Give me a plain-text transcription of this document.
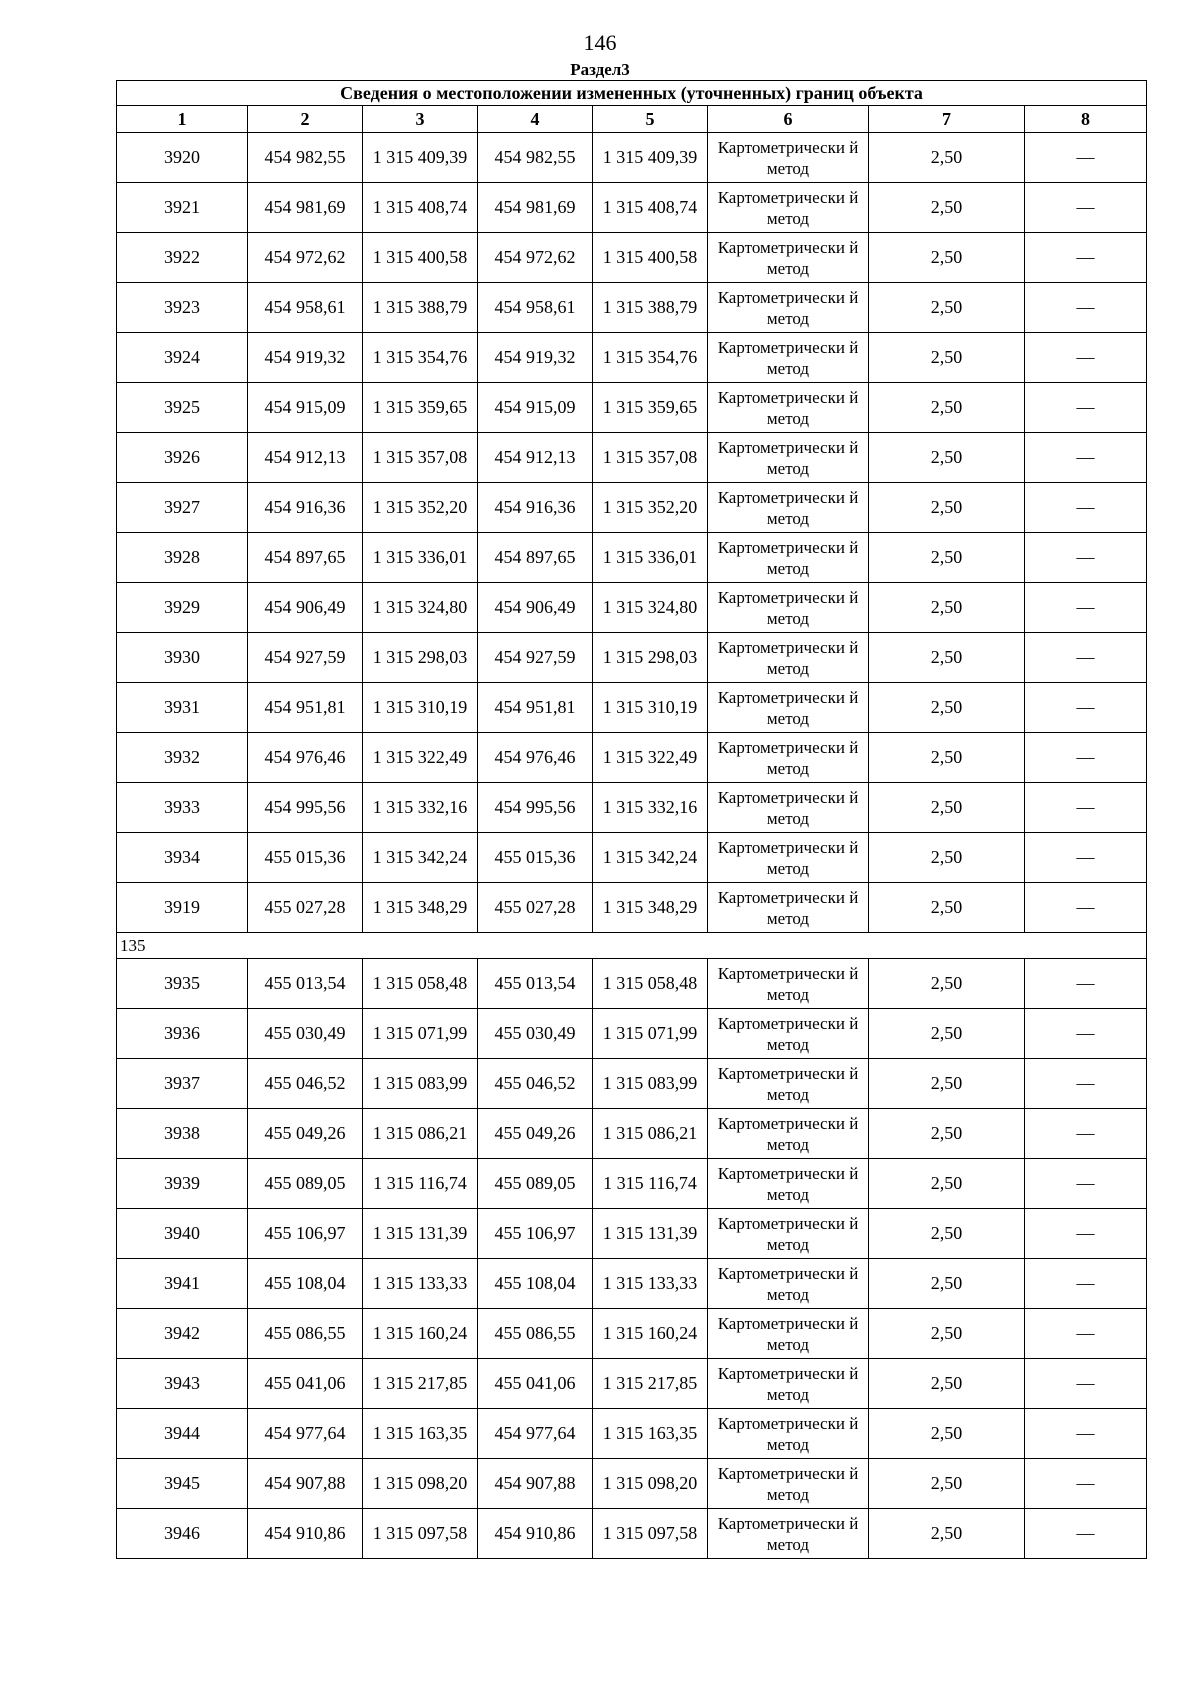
146
Раздел3
Сведения о местоположении измененных (уточненных) границ объекта							
1	2	3	4	5	6	7	8
3920	454 982,55	1 315 409,39	454 982,55	1 315 409,39	Картометрически й метод	2,50	—
3921	454 981,69	1 315 408,74	454 981,69	1 315 408,74	Картометрически й метод	2,50	—
3922	454 972,62	1 315 400,58	454 972,62	1 315 400,58	Картометрически й метод	2,50	—
3923	454 958,61	1 315 388,79	454 958,61	1 315 388,79	Картометрически й метод	2,50	—
3924	454 919,32	1 315 354,76	454 919,32	1 315 354,76	Картометрически й метод	2,50	—
3925	454 915,09	1 315 359,65	454 915,09	1 315 359,65	Картометрически й метод	2,50	—
3926	454 912,13	1 315 357,08	454 912,13	1 315 357,08	Картометрически й метод	2,50	—
3927	454 916,36	1 315 352,20	454 916,36	1 315 352,20	Картометрически й метод	2,50	—
3928	454 897,65	1 315 336,01	454 897,65	1 315 336,01	Картометрически й метод	2,50	—
3929	454 906,49	1 315 324,80	454 906,49	1 315 324,80	Картометрически й метод	2,50	—
3930	454 927,59	1 315 298,03	454 927,59	1 315 298,03	Картометрически й метод	2,50	—
3931	454 951,81	1 315 310,19	454 951,81	1 315 310,19	Картометрически й метод	2,50	—
3932	454 976,46	1 315 322,49	454 976,46	1 315 322,49	Картометрически й метод	2,50	—
3933	454 995,56	1 315 332,16	454 995,56	1 315 332,16	Картометрически й метод	2,50	—
3934	455 015,36	1 315 342,24	455 015,36	1 315 342,24	Картометрически й метод	2,50	—
3919	455 027,28	1 315 348,29	455 027,28	1 315 348,29	Картометрически й метод	2,50	—
135							
3935	455 013,54	1 315 058,48	455 013,54	1 315 058,48	Картометрически й метод	2,50	—
3936	455 030,49	1 315 071,99	455 030,49	1 315 071,99	Картометрически й метод	2,50	—
3937	455 046,52	1 315 083,99	455 046,52	1 315 083,99	Картометрически й метод	2,50	—
3938	455 049,26	1 315 086,21	455 049,26	1 315 086,21	Картометрически й метод	2,50	—
3939	455 089,05	1 315 116,74	455 089,05	1 315 116,74	Картометрически й метод	2,50	—
3940	455 106,97	1 315 131,39	455 106,97	1 315 131,39	Картометрически й метод	2,50	—
3941	455 108,04	1 315 133,33	455 108,04	1 315 133,33	Картометрически й метод	2,50	—
3942	455 086,55	1 315 160,24	455 086,55	1 315 160,24	Картометрически й метод	2,50	—
3943	455 041,06	1 315 217,85	455 041,06	1 315 217,85	Картометрически й метод	2,50	—
3944	454 977,64	1 315 163,35	454 977,64	1 315 163,35	Картометрически й метод	2,50	—
3945	454 907,88	1 315 098,20	454 907,88	1 315 098,20	Картометрически й метод	2,50	—
3946	454 910,86	1 315 097,58	454 910,86	1 315 097,58	Картометрически й метод	2,50	—
